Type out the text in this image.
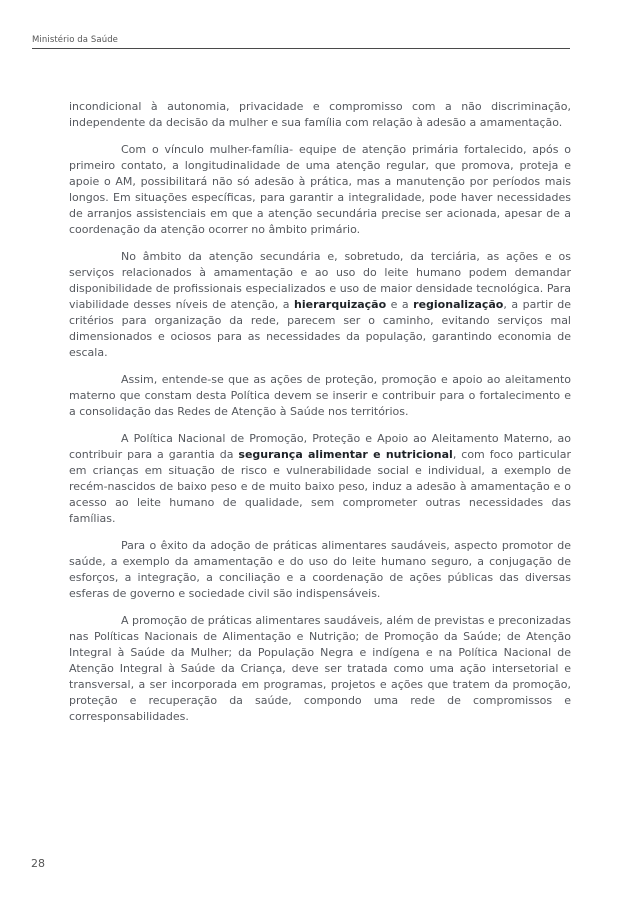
Ministério da Saúde

incondicional à autonomia, privacidade e compromisso com a não discriminação, independente da decisão da mulher e sua família com relação à adesão a amamentação.

Com o vínculo mulher-família- equipe de atenção primária fortalecido, após o primeiro contato, a longitudinalidade de uma atenção regular, que promova, proteja e apoie o AM, possibilitará não só adesão à prática, mas a manutenção por períodos mais longos. Em situações específicas, para garantir a integralidade, pode haver necessidades de arranjos assistenciais em que a atenção secundária precise ser acionada, apesar de a coordenação da atenção ocorrer no âmbito primário.

No âmbito da atenção secundária e, sobretudo, da terciária, as ações e os serviços relacionados à amamentação e ao uso do leite humano podem demandar disponibilidade de profissionais especializados e uso de maior densidade tecnológica. Para viabilidade desses níveis de atenção, a hierarquização e a regionalização, a partir de critérios para organização da rede, parecem ser o caminho, evitando serviços mal dimensionados e ociosos para as necessidades da população, garantindo economia de escala.

Assim, entende-se que as ações de proteção, promoção e apoio ao aleitamento materno que constam desta Política devem se inserir e contribuir para o fortalecimento e a consolidação das Redes de Atenção à Saúde nos territórios.

A Política Nacional de Promoção, Proteção e Apoio ao Aleitamento Materno, ao contribuir para a garantia da segurança alimentar e nutricional, com foco particular em crianças em situação de risco e vulnerabilidade social e individual, a exemplo de recém-nascidos de baixo peso e de muito baixo peso, induz a adesão à amamentação e o acesso ao leite humano de qualidade, sem comprometer outras necessidades das famílias.

Para o êxito da adoção de práticas alimentares saudáveis, aspecto promotor de saúde, a exemplo da amamentação e do uso do leite humano seguro, a conjugação de esforços, a integração, a conciliação e a coordenação de ações públicas das diversas esferas de governo e sociedade civil são indispensáveis.

A promoção de práticas alimentares saudáveis, além de previstas e preconizadas nas Políticas Nacionais de Alimentação e Nutrição; de Promoção da Saúde; de Atenção Integral à Saúde da Mulher; da População Negra e indígena e na Política Nacional de Atenção Integral à Saúde da Criança, deve ser tratada como uma ação intersetorial e transversal, a ser incorporada em programas, projetos e ações que tratem da promoção, proteção e recuperação da saúde, compondo uma rede de compromissos e corresponsabilidades.

28
